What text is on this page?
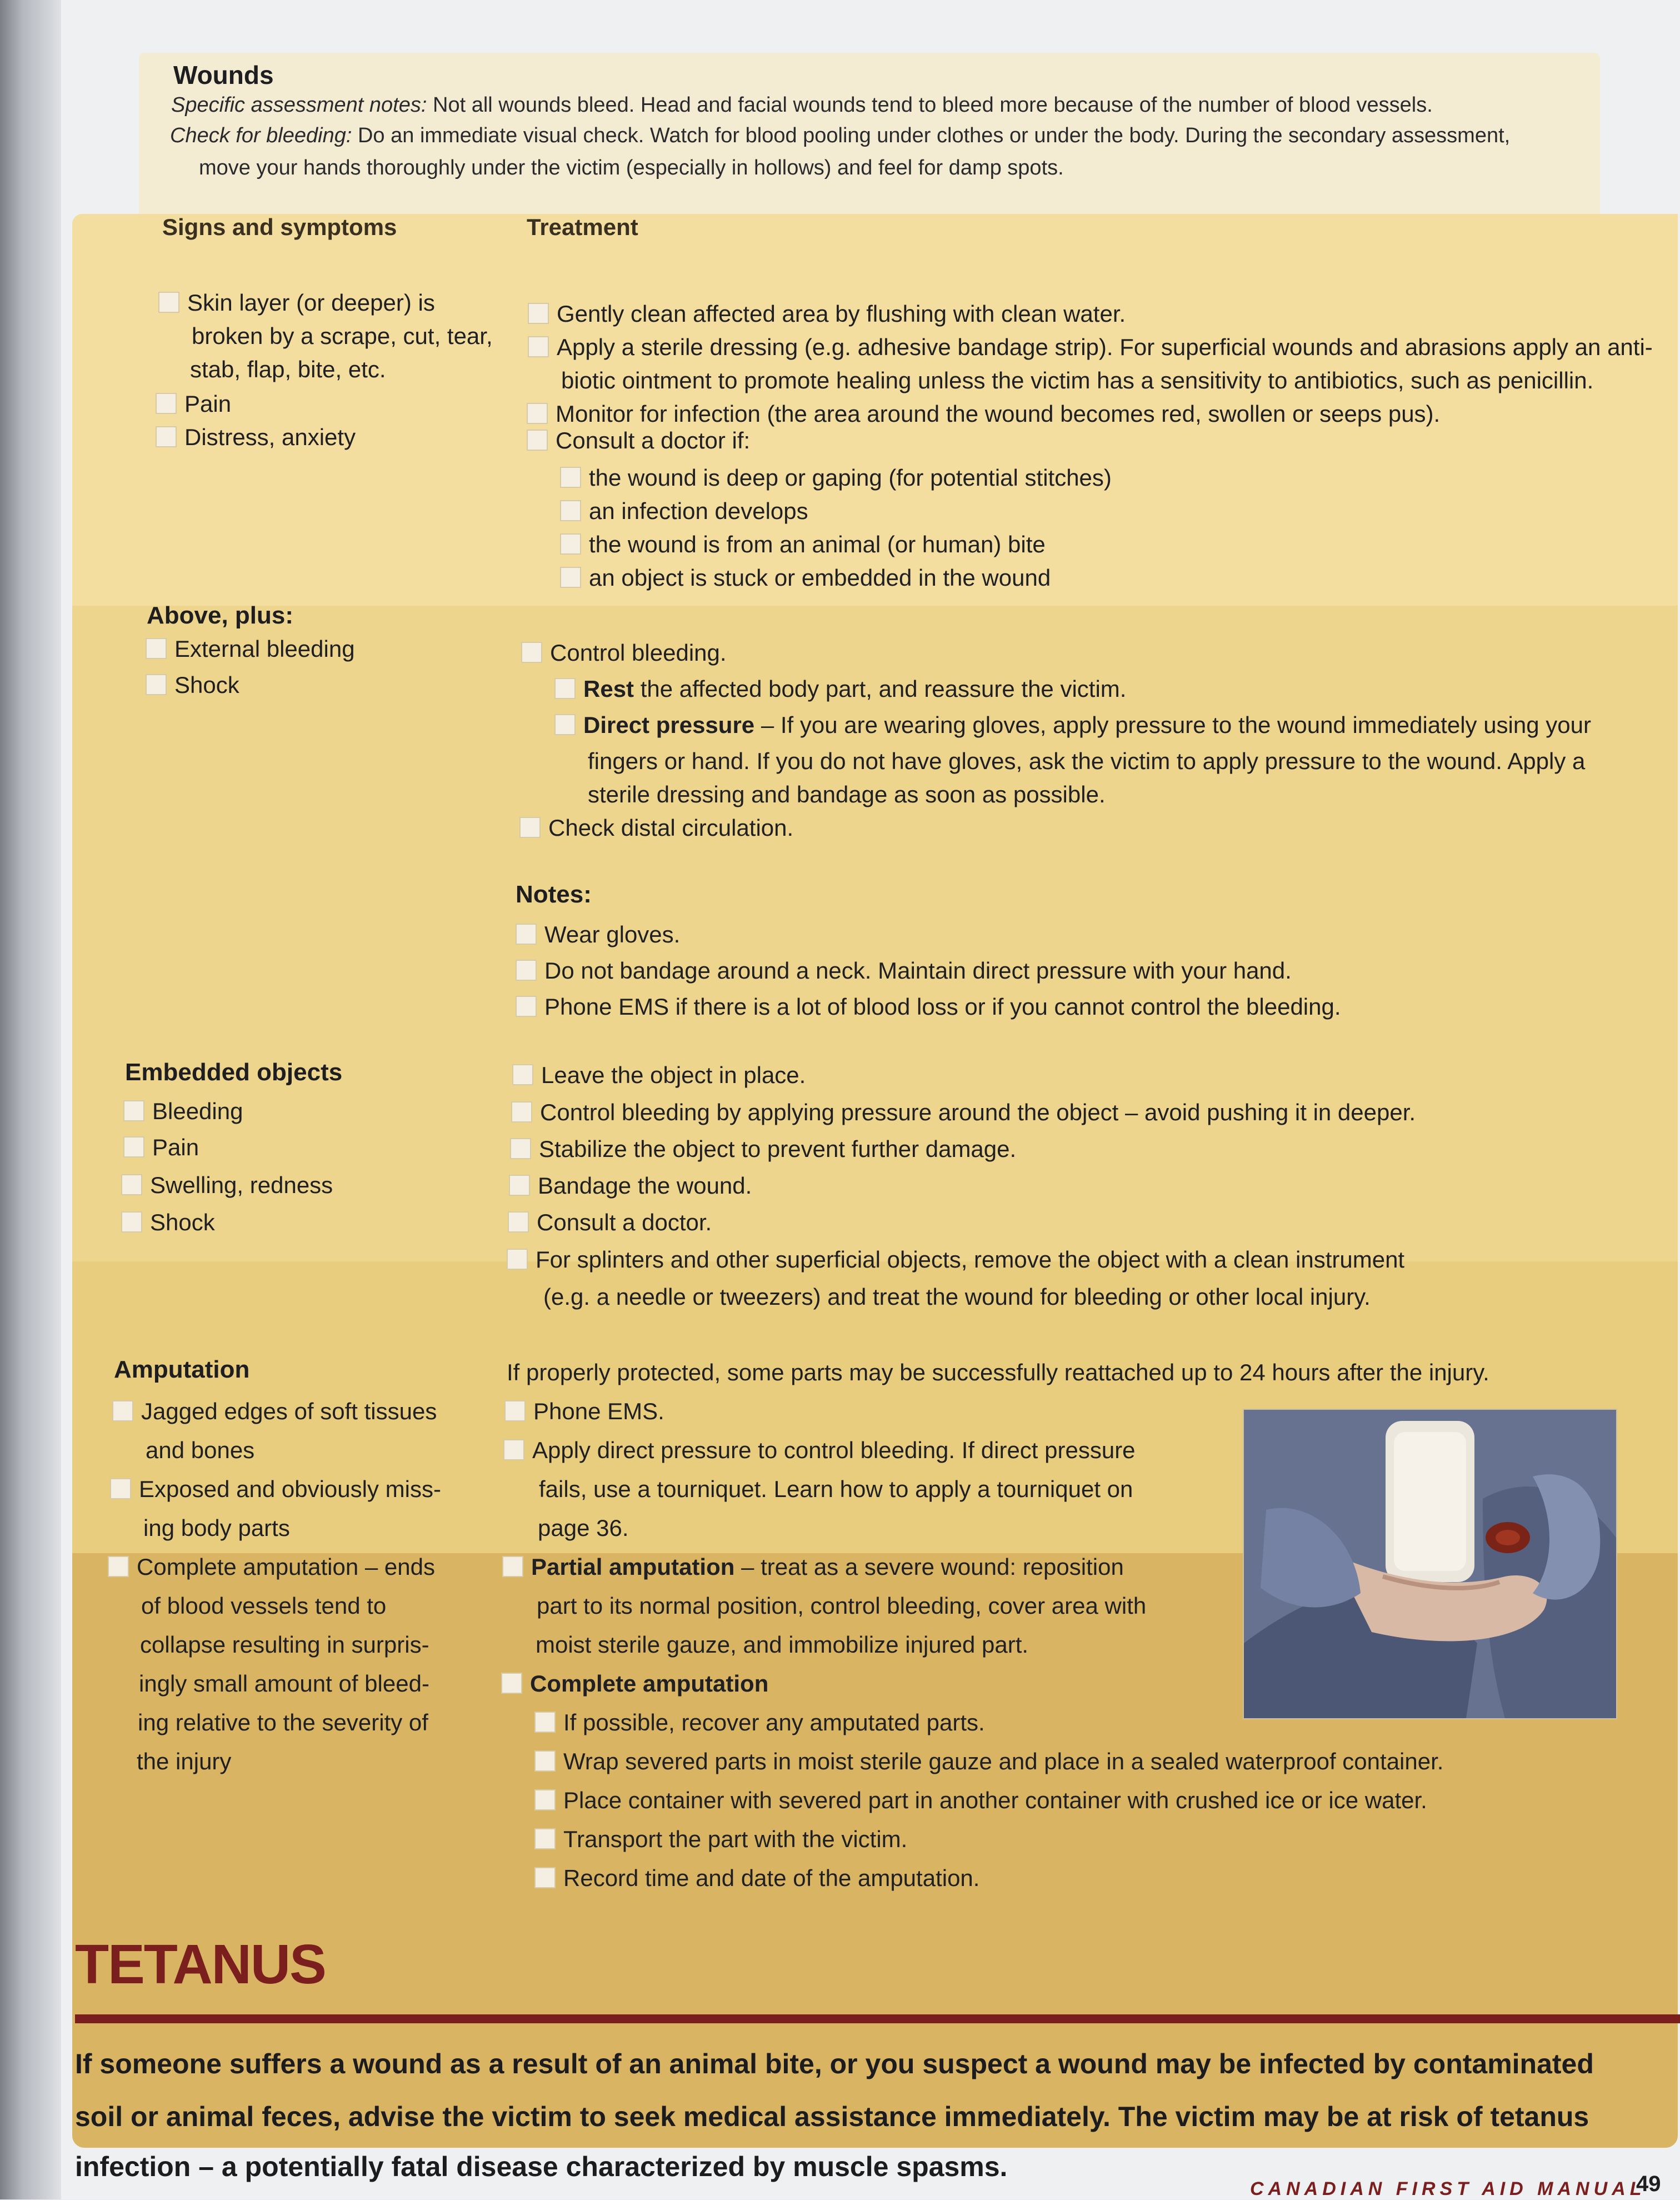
Wounds
Specific assessment notes: Not all wounds bleed. Head and facial wounds tend to bleed more because of the number of blood vessels.
Check for bleeding: Do an immediate visual check. Watch for blood pooling under clothes or under the body. During the secondary assessment,
move your hands thoroughly under the victim (especially in hollows) and feel for damp spots.
Signs and symptoms	Treatment
Skin layer (or deeper) is
broken by a scrape, cut, tear,
stab, flap, bite, etc.
Pain
Distress, anxiety
Gently clean affected area by flushing with clean water.
Apply a sterile dressing (e.g. adhesive bandage strip). For superficial wounds and abrasions apply an anti-
biotic ointment to promote healing unless the victim has a sensitivity to antibiotics, such as penicillin.
Monitor for infection (the area around the wound becomes red, swollen or seeps pus).
Consult a doctor if:
the wound is deep or gaping (for potential stitches)
an infection develops
the wound is from an animal (or human) bite
an object is stuck or embedded in the wound
Above, plus:
External bleeding
Shock
Control bleeding.
Rest the affected body part, and reassure the victim.
Direct pressure – If you are wearing gloves, apply pressure to the wound immediately using your
fingers or hand. If you do not have gloves, ask the victim to apply pressure to the wound. Apply a
sterile dressing and bandage as soon as possible.
Check distal circulation.
Notes:
Wear gloves.
Do not bandage around a neck. Maintain direct pressure with your hand.
Phone EMS if there is a lot of blood loss or if you cannot control the bleeding.
Embedded objects
Bleeding
Pain
Swelling, redness
Shock
Leave the object in place.
Control bleeding by applying pressure around the object – avoid pushing it in deeper.
Stabilize the object to prevent further damage.
Bandage the wound.
Consult a doctor.
For splinters and other superficial objects, remove the object with a clean instrument
(e.g. a needle or tweezers) and treat the wound for bleeding or other local injury.
Amputation
Jagged edges of soft tissues
and bones
Exposed and obviously miss-
ing body parts
Complete amputation – ends
of blood vessels tend to
collapse resulting in surpris-
ingly small amount of bleed-
ing relative to the severity of
the injury
If properly protected, some parts may be successfully reattached up to 24 hours after the injury.
Phone EMS.
Apply direct pressure to control bleeding. If direct pressure
fails, use a tourniquet. Learn how to apply a tourniquet on
page 36.
Partial amputation – treat as a severe wound: reposition
part to its normal position, control bleeding, cover area with
moist sterile gauze, and immobilize injured part.
Complete amputation
If possible, recover any amputated parts.
Wrap severed parts in moist sterile gauze and place in a sealed waterproof container.
Place container with severed part in another container with crushed ice or ice water.
Transport the part with the victim.
Record time and date of the amputation.
TETANUS
If someone suffers a wound as a result of an animal bite, or you suspect a wound may be infected by contaminated
soil or animal feces, advise the victim to seek medical assistance immediately. The victim may be at risk of tetanus
infection – a potentially fatal disease characterized by muscle spasms.
CANADIAN FIRST AID MANUAL
49
